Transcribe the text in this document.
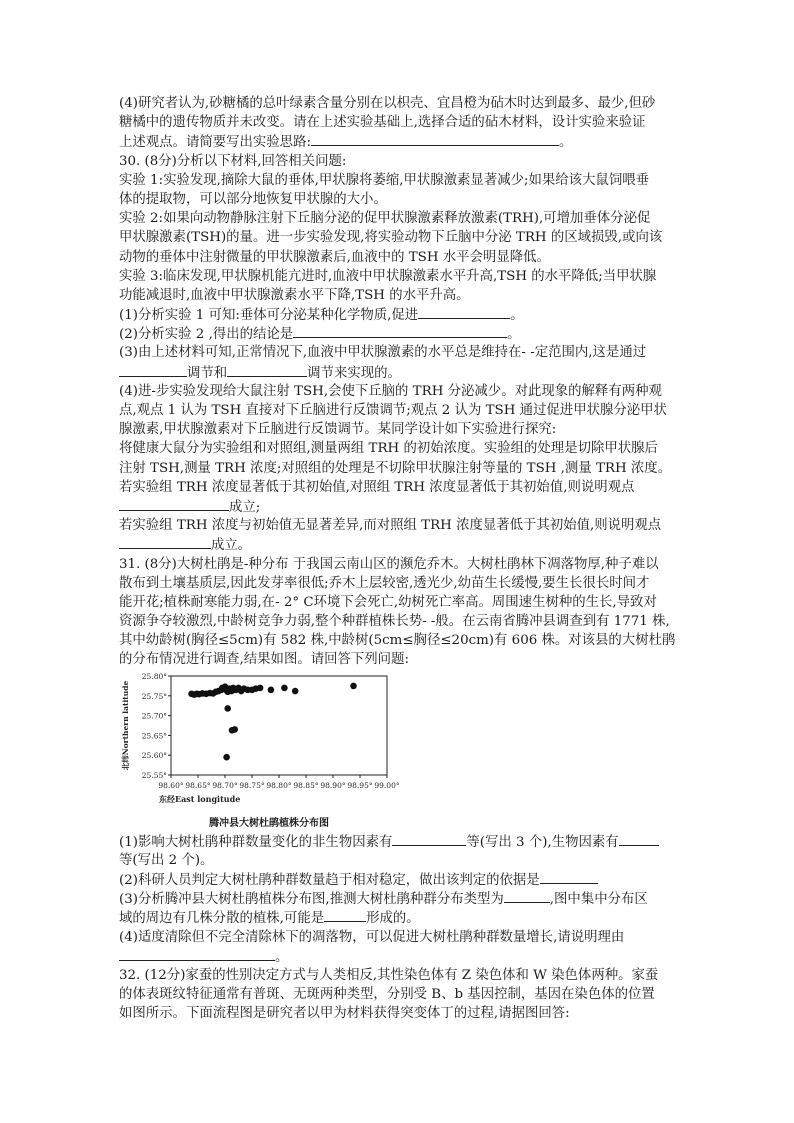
(4)研究者认为,砂糖橘的总叶绿素含量分别在以枳壳、宜昌橙为砧木时达到最多、最少,但砂
糖橘中的遗传物质并未改变。请在上述实验基础上,选择合适的砧木材料，设计实验来验证
上述观点。请简要写出实验思路:	。
30. (8分)分析以下材料,回答相关问题:
实验 1:实验发现,摘除大鼠的垂体,甲状腺将萎缩,甲状腺激素显著减少;如果给该大鼠饲喂垂
体的提取物，可以部分地恢复甲状腺的大小。
实验 2:如果向动物静脉注射下丘脑分泌的促甲状腺激素释放激素(TRH),可增加垂体分泌促
甲状腺激素(TSH)的量。进一步实验发现,将实验动物下丘脑中分泌 TRH 的区域损毁,或向该
动物的垂体中注射微量的甲状腺激素后,血液中的 TSH 水平会明显降低。
实验 3:临床发现,甲状腺机能亢进时,血液中甲状腺激素水平升高,TSH 的水平降低;当甲状腺
功能减退时,血液中甲状腺激素水平下降,TSH 的水平升高。
(1)分析实验 1 可知:垂体可分泌某种化学物质,促进	。
(2)分析实验 2 ,得出的结论是	。
(3)由上述材料可知,正常情况下,血液中甲状腺激素的水平总是维持在- -定范围内,这是通过
调节和	调节来实现的。
(4)进-步实验发现给大鼠注射 TSH,会使下丘脑的 TRH 分泌减少。对此现象的解释有两种观
点,观点 1 认为 TSH 直接对下丘脑进行反馈调节;观点 2 认为 TSH 通过促进甲状腺分泌甲状
腺激素,甲状腺激素对下丘脑进行反馈调节。某同学设计如下实验进行探究:
将健康大鼠分为实验组和对照组,测量两组 TRH 的初始浓度。实验组的处理是切除甲状腺后
注射 TSH,测量 TRH 浓度;对照组的处理是不切除甲状腺注射等量的 TSH ,测量 TRH 浓度。
若实验组 TRH 浓度显著低于其初始值,对照组 TRH 浓度显著低于其初始值,则说明观点
成立;
若实验组 TRH 浓度与初始值无显著差异,而对照组 TRH 浓度显著低于其初始值,则说明观点
成立。
31. (8分)大树杜鹃是-种分布 于我国云南山区的濒危乔木。大树杜鹃林下凋落物厚,种子难以
散布到土壤基质层,因此发芽率很低;乔木上层较密,透光少,幼苗生长缓慢,要生长很长时间才
能开花;植株耐寒能力弱,在- 2° C环境下会死亡,幼树死亡率高。周围速生树种的生长,导致对
资源争夺较激烈,中龄树竞争力弱,整个种群植株长势- -般。在云南省腾冲县调查到有 1771 株,
其中幼龄树(胸径≤5cm)有 582 株,中龄树(5cm≤胸径≤20cm)有 606 株。对该县的大树杜鹃
的分布情况进行调查,结果如图。请回答下列问题:
98.60° 98.65° 98.70° 98.75° 98.80° 98.85° 98.90° 98.95° 99.00°
25.55°
25.60°
25.65°
25.70°
25.75°
25.80°
东经East longitude
北纬Northern latitude
腾冲县大树杜鹃植株分布图
(1)影响大树杜鹃种群数量变化的非生物因素有	等(写出 3 个),生物因素有
等(写出 2 个)。
(2)科研人员判定大树杜鹃种群数量趋于相对稳定，做出该判定的依据是
(3)分析腾冲县大树杜鹃植株分布图,推测大树杜鹃种群分布类型为	,图中集中分布区
域的周边有几株分散的植株,可能是	形成的。
(4)适度清除但不完全清除林下的凋落物，可以促进大树杜鹃种群数量增长,请说明理由
。
32. (12分)家蚕的性别决定方式与人类相反,其性染色体有 Z 染色体和 W 染色体两种。家蚕
的体表斑纹特征通常有普斑、无斑两种类型，分别受 B、b 基因控制，基因在染色体的位置
如图所示。下面流程图是研究者以甲为材料获得突变体丁的过程,请据图回答:
